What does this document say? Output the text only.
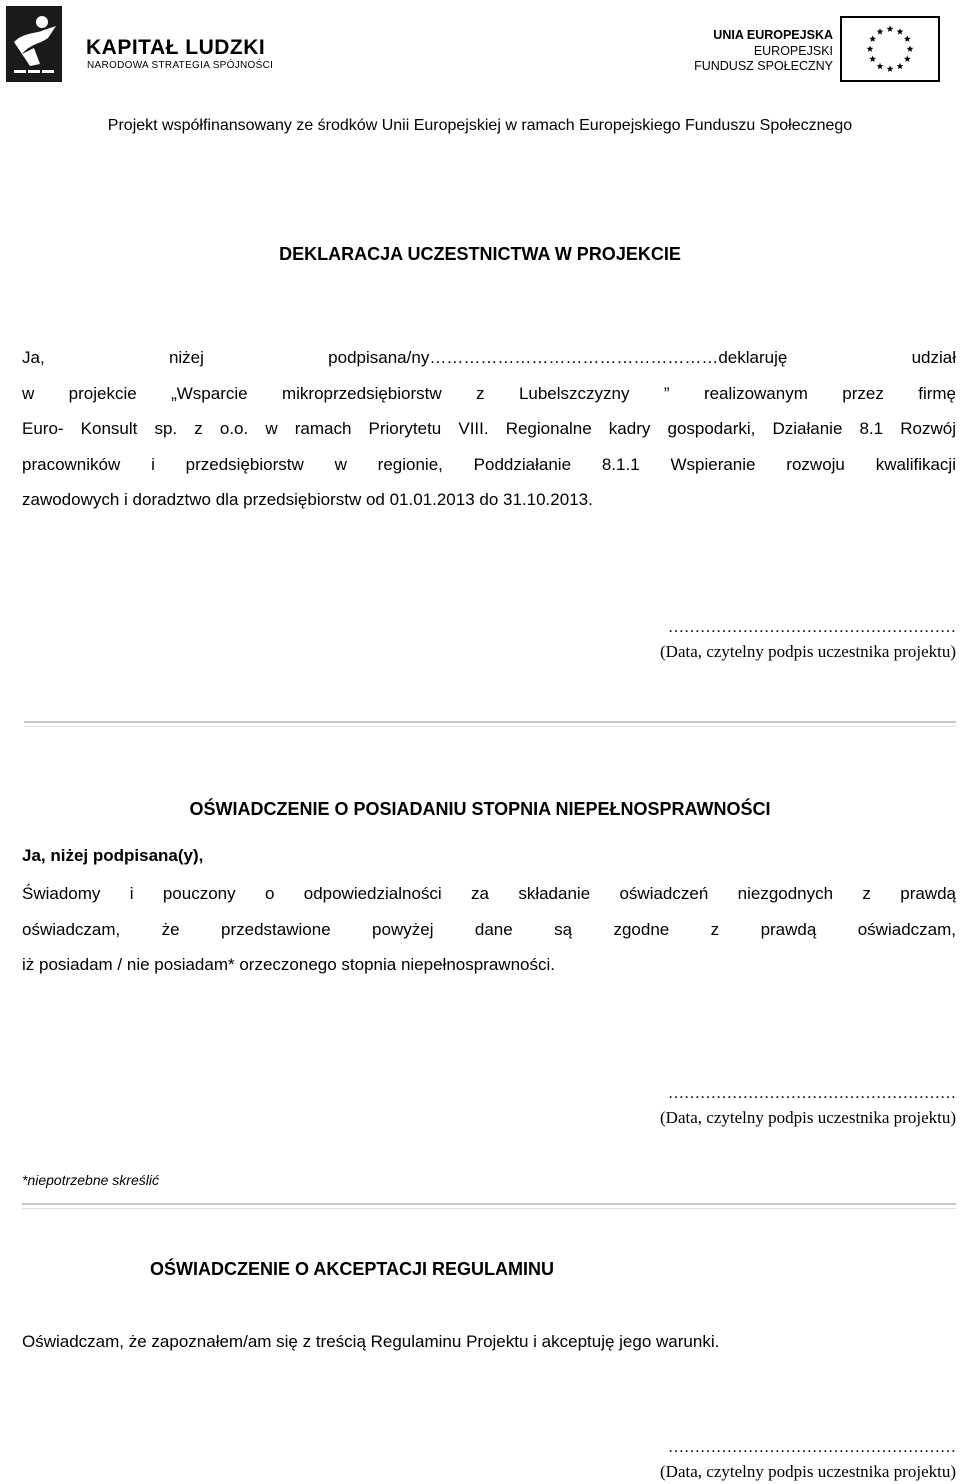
KAPITAŁ LUDZKI
NARODOWA STRATEGIA SPÓJNOŚCI
UNIA EUROPEJSKA
EUROPEJSKI
FUNDUSZ SPOŁECZNY
Projekt współfinansowany ze środków Unii Europejskiej w ramach Europejskiego Funduszu Społecznego
DEKLARACJA UCZESTNICTWA W PROJEKCIE
Ja, niżej podpisana/ny……………………………………………deklaruję udział
w projekcie „Wsparcie mikroprzedsiębiorstw z Lubelszczyzny ” realizowanym przez firmę
Euro- Konsult sp. z o.o. w ramach Priorytetu VIII. Regionalne kadry gospodarki, Działanie 8.1 Rozwój
pracowników i przedsiębiorstw w regionie, Poddziałanie 8.1.1 Wspieranie rozwoju kwalifikacji
zawodowych i doradztwo dla przedsiębiorstw od 01.01.2013 do 31.10.2013.
………………………………………………
(Data, czytelny podpis uczestnika projektu)
OŚWIADCZENIE O POSIADANIU STOPNIA NIEPEŁNOSPRAWNOŚCI
Ja, niżej podpisana(y),
Świadomy i pouczony o odpowiedzialności za składanie oświadczeń niezgodnych z prawdą
oświadczam, że przedstawione powyżej dane są zgodne z prawdą oświadczam,
iż posiadam / nie posiadam* orzeczonego stopnia niepełnosprawności.
………………………………………………
(Data, czytelny podpis uczestnika projektu)
*niepotrzebne skreślić
OŚWIADCZENIE O AKCEPTACJI REGULAMINU
Oświadczam, że zapoznałem/am się z treścią Regulaminu Projektu i akceptuję jego warunki.
………………………………………………
(Data, czytelny podpis uczestnika projektu)
